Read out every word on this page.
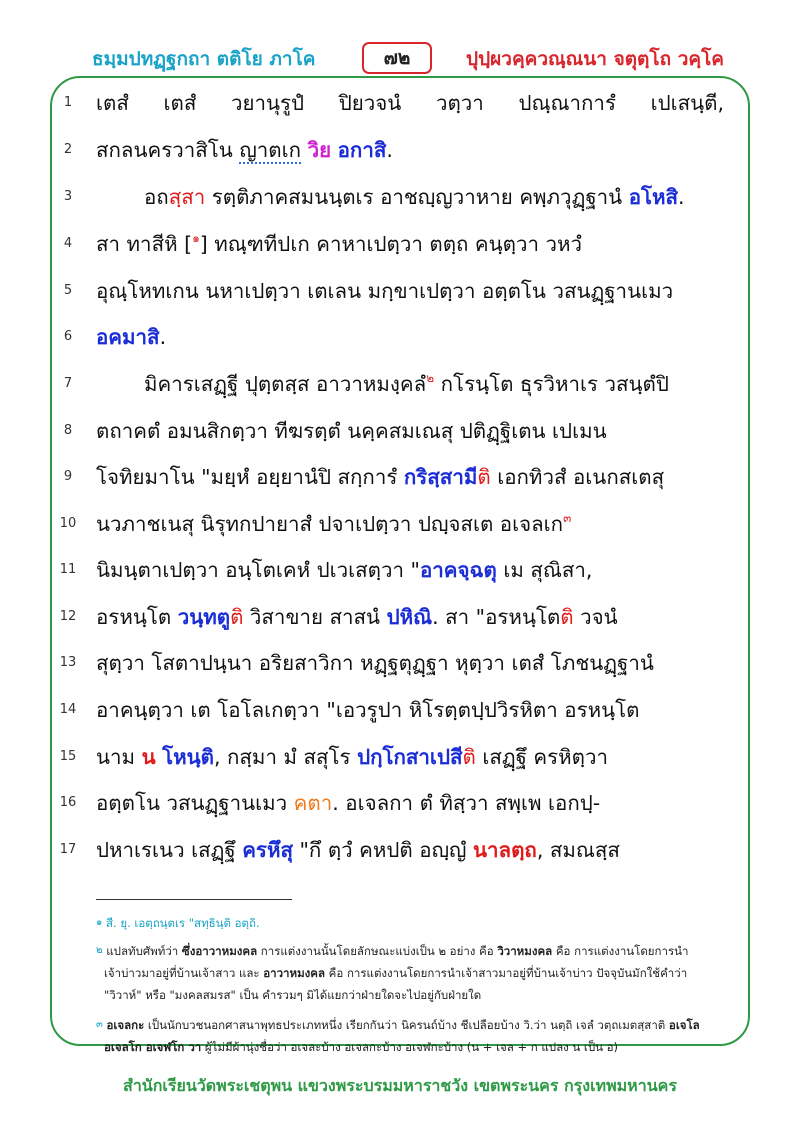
ธมฺมปทฏฺฐกถา ตติโย ภาโค	๗๒	ปุปฺผวคฺควณฺณนา จตุตฺโถ วคฺโค
1	เตสํ เตสํ วยานุรูปํ ปิยวจนํ วตฺวา ปณฺณาการํ เปเสนฺตี,
2	สกลนครวาสิโน ญาตเก วิย อกาสิ.
3	อถสฺสา รตฺติภาคสมนนฺตเร อาชญฺญวาหาย คพฺภวุฏฺฐานํ อโหสิ.
4	สา ทาสีหิ [$^๑$] ทณฺฑทีปเก คาหาเปตฺวา ตตฺถ คนฺตฺวา วหวํ
5	อุณฺโหทเกน นหาเปตฺวา เตเลน มกฺขาเปตฺวา อตฺตโน วสนฏฺฐานเมว
6	อคมาสิ.
7	มิคารเสฏฺฐี ปุตฺตสฺส อาวาหมงฺคลํ$^๒$ กโรนฺโต ธุรวิหาเร วสนฺตํปิ
8	ตถาคตํ อมนสิกตฺวา ทีฆรตฺตํ นคฺคสมเณสุ ปติฏฺฐิเตน เปเมน
9	โจทิยมาโน "มยฺหํ อยฺยานํปิ สกฺการํ กริสฺสามีติ เอกทิวสํ อเนกสเตสุ
10 นวภาชเนสุ นิรุทกปายาสํ ปจาเปตฺวา ปญฺจสเต อเจลเก$^๓$
11 นิมนฺตาเปตฺวา อนฺโตเคหํ ปเวเสตฺวา "อาคจฺฉตุ เม สุณิสา,
12 อรหนฺโต วนฺทตูติ วิสาขาย สาสนํ ปหิณิ. สา "อรหนฺโตติ วจนํ
13 สุตฺวา โสตาปนฺนา อริยสาวิกา หฏฺฐตุฏฺฐา หุตฺวา เตสํ โภชนฏฺฐานํ
14 อาคนฺตฺวา เต โอโลเกตฺวา "เอวรูปา หิโรตฺตปฺปวิรหิตา อรหนฺโต
15 นาม น โหนฺติ, กสฺมา มํ สสุโร ปกฺโกสาเปสีติ เสฏฺฐึ ครหิตฺวา
16 อตฺตโน วสนฏฺฐานเมว คตา. อเจลกา ตํ ทิสฺวา สพฺเพ เอกปฺ-
17 ปหาเรเนว เสฏฺฐึ ครหึสุ "กึ ตฺวํ คหปติ อญฺญํ นาลตฺถ, สมณสฺส
๑ สี. ยุ. เอตฺถนฺตเร "สทฺธินฺติ อตฺถิ.
๒ แปลทับศัพท์ว่า ซึ่งอาวาหมงคล การแต่งงานนั้นโดยลักษณะแบ่งเป็น ๒ อย่าง คือ วิวาหมงคล คือ การแต่งงานโดยการนำ
เจ้าบ่าวมาอยู่ที่บ้านเจ้าสาว และ อาวาหมงคล คือ การแต่งงานโดยการนำเจ้าสาวมาอยู่ที่บ้านเจ้าบ่าว ปัจจุบันมักใช้คำว่า
"วิวาห์" หรือ "มงคลสมรส" เป็น คำรวมๆ มิได้แยกว่าฝ่ายใดจะไปอยู่กับฝ่ายใด
๓ อเจลกะ เป็นนักบวชนอกศาสนาพุทธประเภทหนึ่ง เรียกกันว่า นิครนถ์บ้าง ชีเปลือยบ้าง วิ.ว่า นตฺถิ เจลํ วตฺถเมตสฺสาติ อเจโล
อเจลโก อเจฬโก วา ผู้ไม่มีผ้านุ่งชื่อว่า อเจละบ้าง อเจลกะบ้าง อเจฬกะบ้าง (น + เจล + ก แปลง น เป็น อ)
สำนักเรียนวัดพระเชตุพน แขวงพระบรมมหาราชวัง เขตพระนคร กรุงเทพมหานคร
